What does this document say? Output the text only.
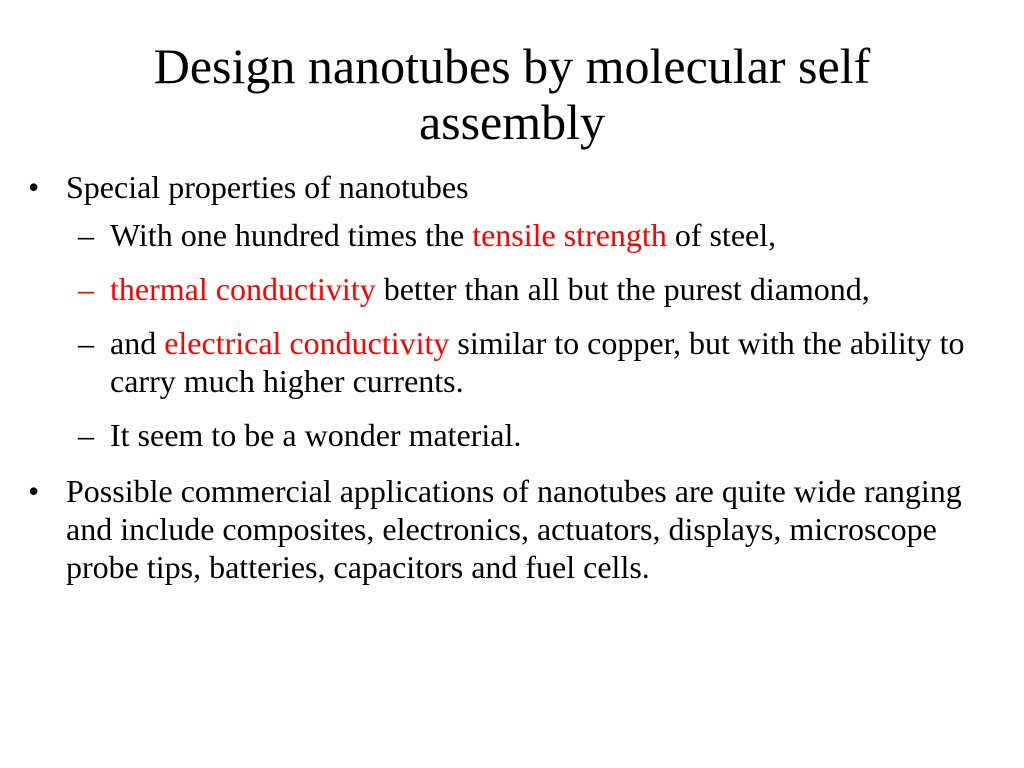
Design nanotubes by molecular self assembly
• Special properties of nanotubes
– With one hundred times the tensile strength of steel,
– thermal conductivity better than all but the purest diamond,
– and electrical conductivity similar to copper, but with the ability to carry much higher currents.
– It seem to be a wonder material.
• Possible commercial applications of nanotubes are quite wide ranging and include composites, electronics, actuators, displays, microscope probe tips, batteries, capacitors and fuel cells.
